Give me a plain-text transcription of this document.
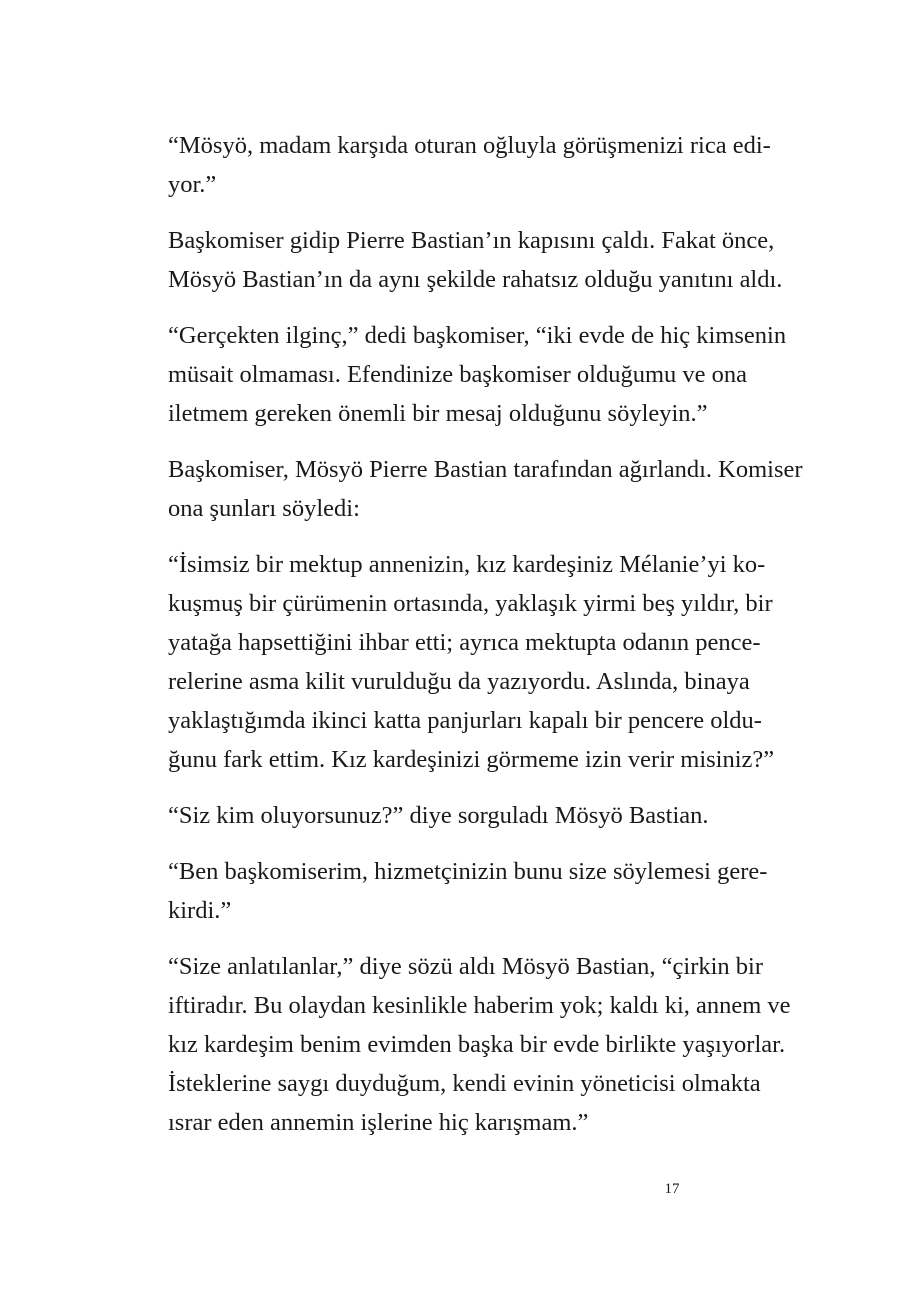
“Mösyö, madam karşıda oturan oğluyla görüşmenizi rica edi-
yor.”
Başkomiser gidip Pierre Bastian’ın kapısını çaldı. Fakat önce,
Mösyö Bastian’ın da aynı şekilde rahatsız olduğu yanıtını aldı.
“Gerçekten ilginç,” dedi başkomiser, “iki evde de hiç kimsenin
müsait olmaması. Efendinize başkomiser olduğumu ve ona
iletmem gereken önemli bir mesaj olduğunu söyleyin.”
Başkomiser, Mösyö Pierre Bastian tarafından ağırlandı. Komiser
ona şunları söyledi:
“İsimsiz bir mektup annenizin, kız kardeşiniz Mélanie’yi ko-
kuşmuş bir çürümenin ortasında, yaklaşık yirmi beş yıldır, bir
yatağa hapsettiğini ihbar etti; ayrıca mektupta odanın pence-
relerine asma kilit vurulduğu da yazıyordu. Aslında, binaya
yaklaştığımda ikinci katta panjurları kapalı bir pencere oldu-
ğunu fark ettim. Kız kardeşinizi görmeme izin verir misiniz?”
“Siz kim oluyorsunuz?” diye sorguladı Mösyö Bastian.
“Ben başkomiserim, hizmetçinizin bunu size söylemesi gere-
kirdi.”
“Size anlatılanlar,” diye sözü aldı Mösyö Bastian, “çirkin bir
iftiradır. Bu olaydan kesinlikle haberim yok; kaldı ki, annem ve
kız kardeşim benim evimden başka bir evde birlikte yaşıyorlar.
İsteklerine saygı duyduğum, kendi evinin yöneticisi olmakta
ısrar eden annemin işlerine hiç karışmam.”
17
